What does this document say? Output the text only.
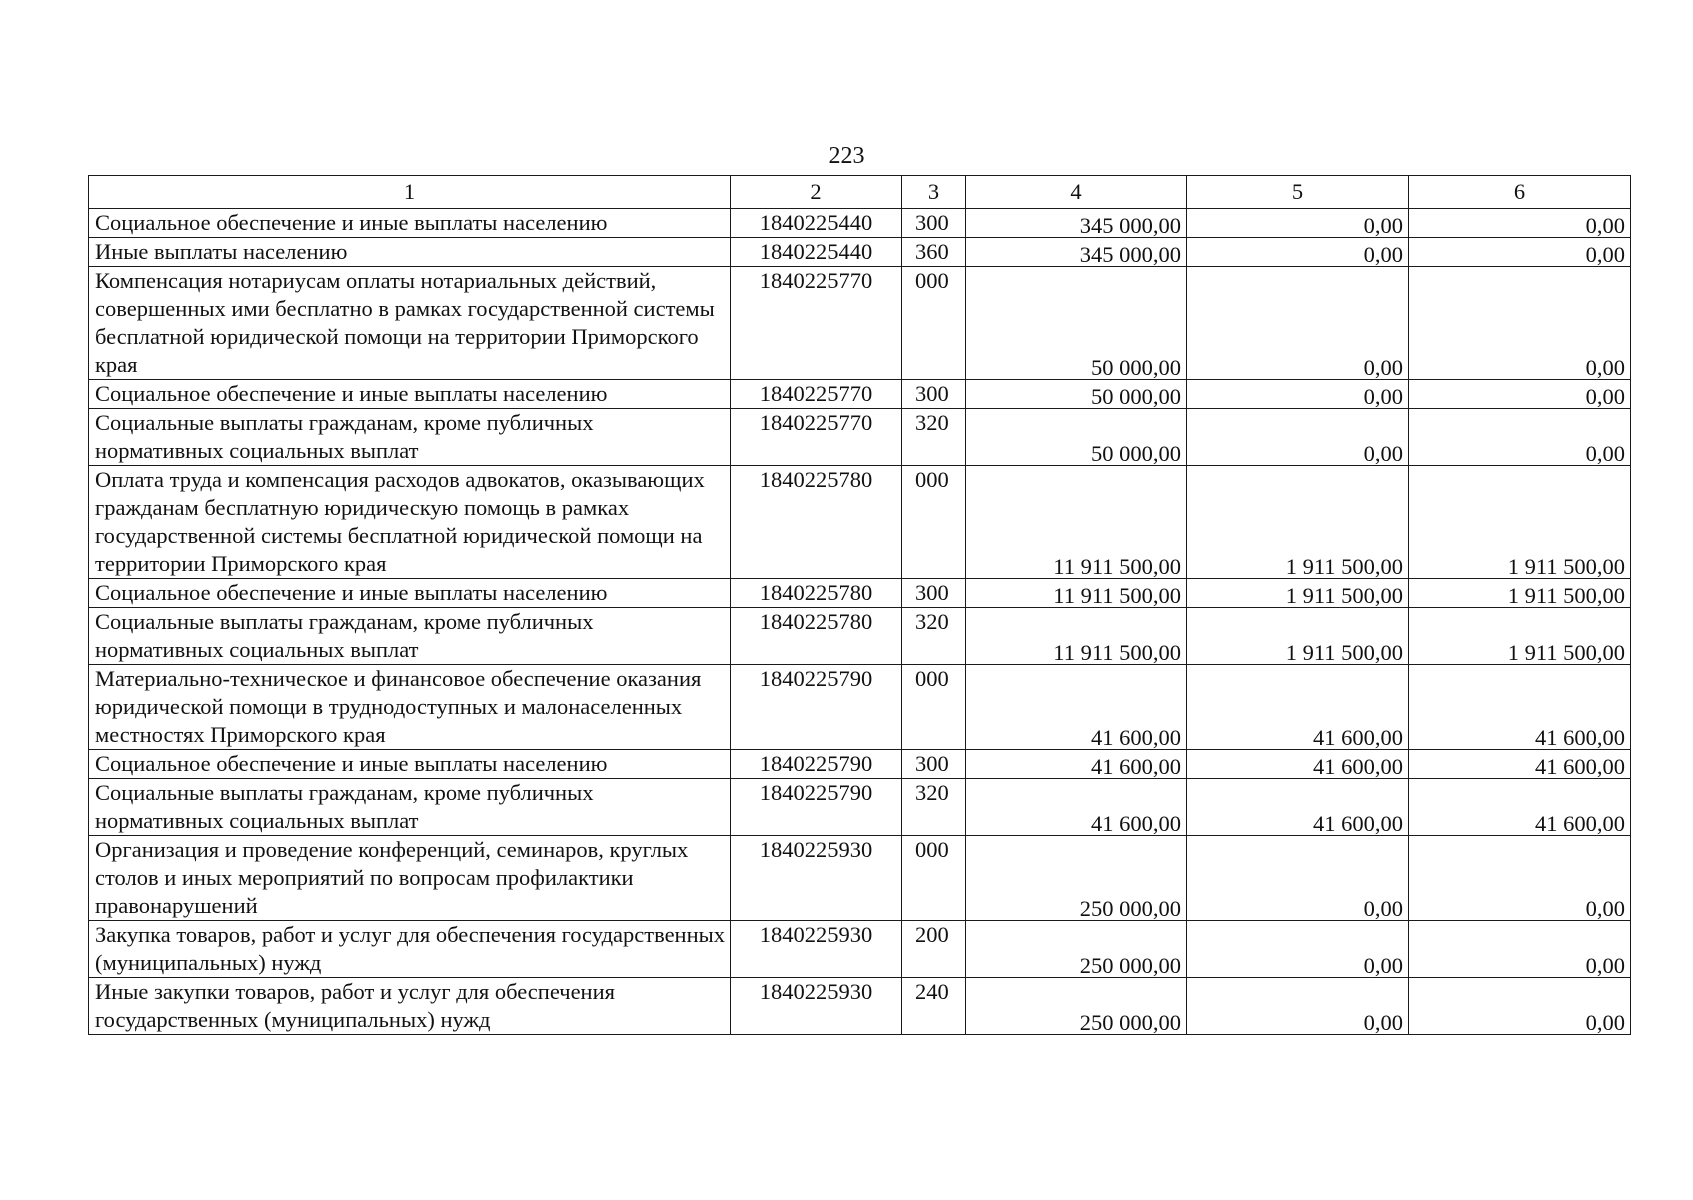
223
1	2	3	4	5	6
Социальное обеспечение и иные выплаты населению	1840225440	300	345 000,00	0,00	0,00

Иные выплаты населению	1840225440	360	345 000,00	0,00	0,00

Компенсация нотариусам оплаты нотариальных действий, совершенных ими бесплатно в рамках государственной системы бесплатной юридической помощи на территории Приморского края	1840225770	000	50 000,00	0,00	0,00

Социальное обеспечение и иные выплаты населению	1840225770	300	50 000,00	0,00	0,00

Социальные выплаты гражданам, кроме публичных нормативных социальных выплат	1840225770	320	50 000,00	0,00	0,00

Оплата труда и компенсация расходов адвокатов, оказывающих гражданам бесплатную юридическую помощь в рамках государственной системы бесплатной юридической помощи на территории Приморского края	1840225780	000	11 911 500,00	1 911 500,00	1 911 500,00

Социальное обеспечение и иные выплаты населению	1840225780	300	11 911 500,00	1 911 500,00	1 911 500,00

Социальные выплаты гражданам, кроме публичных нормативных социальных выплат	1840225780	320	11 911 500,00	1 911 500,00	1 911 500,00

Материально-техническое и финансовое обеспечение оказания юридической помощи в труднодоступных и малонаселенных местностях Приморского края	1840225790	000	41 600,00	41 600,00	41 600,00

Социальное обеспечение и иные выплаты населению	1840225790	300	41 600,00	41 600,00	41 600,00

Социальные выплаты гражданам, кроме публичных нормативных социальных выплат	1840225790	320	41 600,00	41 600,00	41 600,00

Организация и проведение конференций, семинаров, круглых столов и иных мероприятий по вопросам профилактики правонарушений	1840225930	000	250 000,00	0,00	0,00

Закупка товаров, работ и услуг для обеспечения государственных (муниципальных) нужд	1840225930	200	250 000,00	0,00	0,00

Иные закупки товаров, работ и услуг для обеспечения государственных (муниципальных) нужд	1840225930	240	250 000,00	0,00	0,00
